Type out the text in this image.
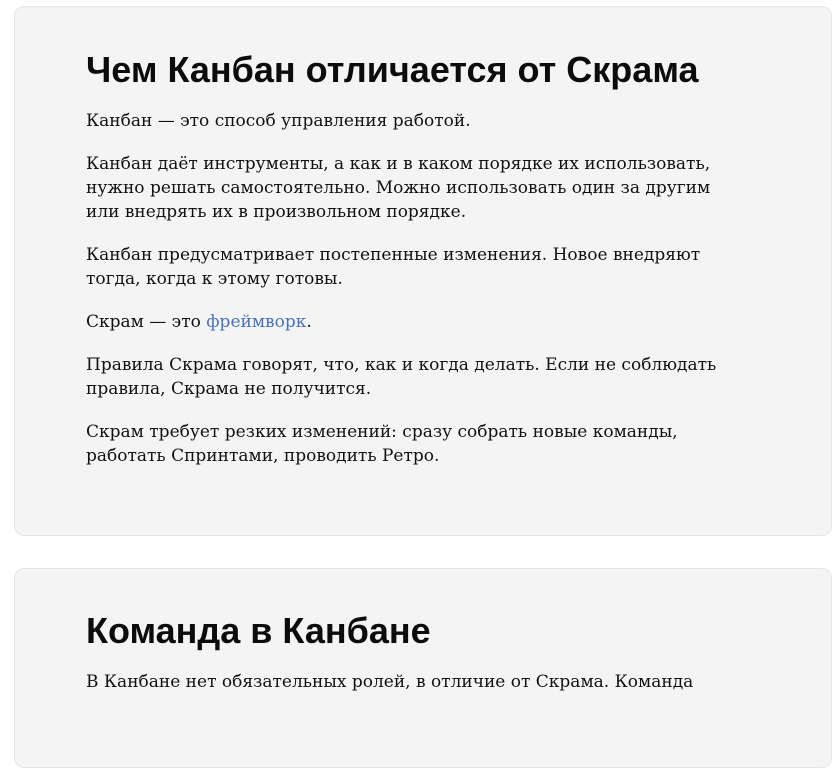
Чем Канбан отличается от Скрама

Канбан — это способ управления работой.

Канбан даёт инструменты, а как и в каком порядке их использовать,
нужно решать самостоятельно. Можно использовать один за другим
или внедрять их в произвольном порядке.

Канбан предусматривает постепенные изменения. Новое внедряют
тогда, когда к этому готовы.

Скрам — это фреймворк.

Правила Скрама говорят, что, как и когда делать. Если не соблюдать
правила, Скрама не получится.

Скрам требует резких изменений: сразу собрать новые команды,
работать Спринтами, проводить Ретро.

Команда в Канбане

В Канбане нет обязательных ролей, в отличие от Скрама. Команда
